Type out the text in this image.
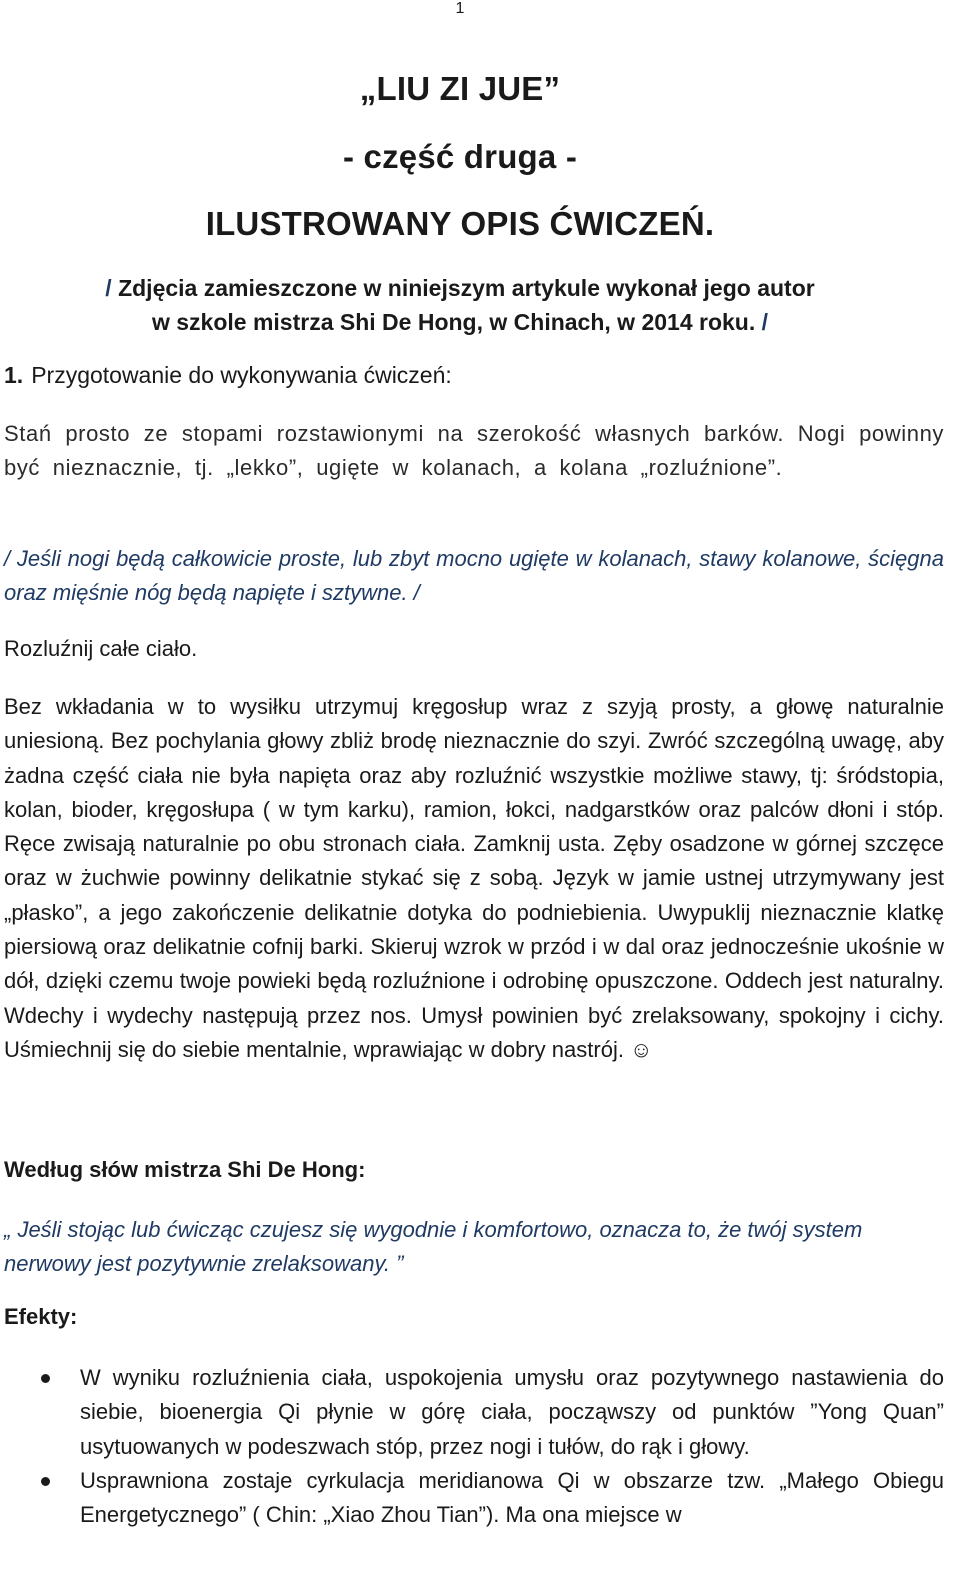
1
„LIU ZI JUE”
- część druga -
ILUSTROWANY OPIS ĆWICZEŃ.
/ Zdjęcia zamieszczone w niniejszym artykule wykonał jego autor
w szkole mistrza Shi De Hong, w Chinach, w 2014 roku. /
1. Przygotowanie do wykonywania ćwiczeń:

Stań prosto ze stopami rozstawionymi na szerokość własnych barków. Nogi powinny być nieznacznie, tj. „lekko”, ugięte w kolanach, a kolana „rozluźnione”.

/ Jeśli nogi będą całkowicie proste, lub zbyt mocno ugięte w kolanach, stawy kolanowe, ścięgna oraz mięśnie nóg będą napięte i sztywne. /

Rozluźnij całe ciało.

Bez wkładania w to wysiłku utrzymuj kręgosłup wraz z szyją prosty, a głowę naturalnie uniesioną. Bez pochylania głowy zbliż brodę nieznacznie do szyi. Zwróć szczególną uwagę, aby żadna część ciała nie była napięta oraz aby rozluźnić wszystkie możliwe stawy, tj: śródstopia, kolan, bioder, kręgosłupa ( w tym karku), ramion, łokci, nadgarstków oraz palców dłoni i stóp. Ręce zwisają naturalnie po obu stronach ciała. Zamknij usta. Zęby osadzone w górnej szczęce oraz w żuchwie powinny delikatnie stykać się z sobą. Język w jamie ustnej utrzymywany jest „płasko”, a jego zakończenie delikatnie dotyka do podniebienia. Uwypuklij nieznacznie klatkę piersiową oraz delikatnie cofnij barki. Skieruj wzrok w przód i w dal oraz jednocześnie ukośnie w dół, dzięki czemu twoje powieki będą rozluźnione i odrobinę opuszczone. Oddech jest naturalny. Wdechy i wydechy następują przez nos. Umysł powinien być zrelaksowany, spokojny i cichy. Uśmiechnij się do siebie mentalnie, wprawiając w dobry nastrój. ☺

Według słów mistrza Shi De Hong:

„ Jeśli stojąc lub ćwicząc czujesz się wygodnie i komfortowo, oznacza to, że twój system nerwowy jest pozytywnie zrelaksowany. ”

Efekty:
W wyniku rozluźnienia ciała, uspokojenia umysłu oraz pozytywnego nastawienia do siebie, bioenergia Qi płynie w górę ciała, począwszy od punktów ”Yong Quan” usytuowanych w podeszwach stóp, przez nogi i tułów, do rąk i głowy.
Usprawniona zostaje cyrkulacja meridianowa Qi w obszarze tzw. „Małego Obiegu Energetycznego” ( Chin: „Xiao Zhou Tian”). Ma ona miejsce w
